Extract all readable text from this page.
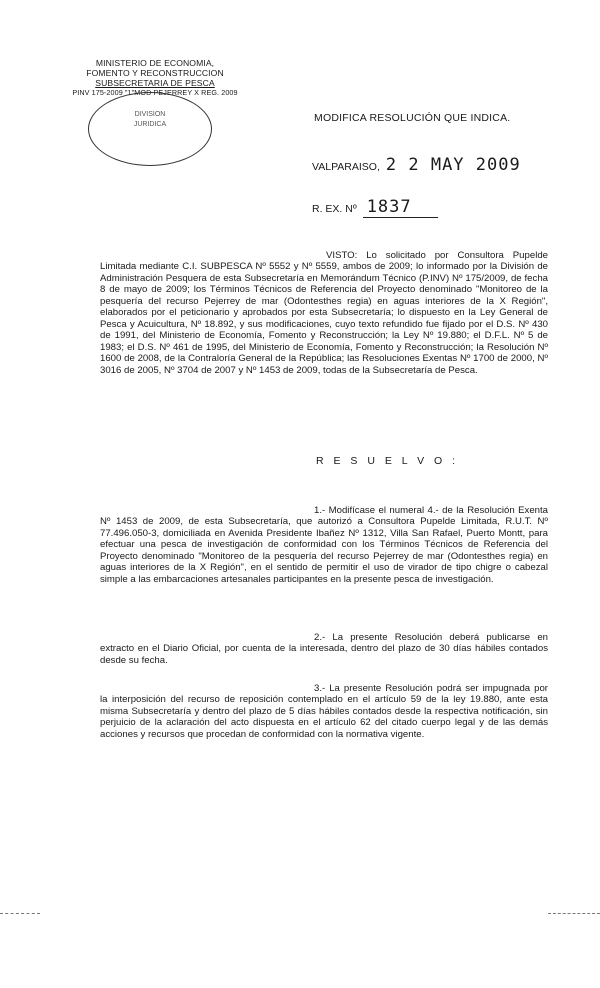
MINISTERIO DE ECONOMIA,
FOMENTO Y RECONSTRUCCION
SUBSECRETARIA DE PESCA
PINV 175-2009 "1"MOD PEJERREY X REG. 2009
DIVISION
JURIDICA
MODIFICA RESOLUCIÓN QUE INDICA.
VALPARAISO, 2 2 MAY 2009
R. EX. Nº 1837
VISTO: Lo solicitado por Consultora Pupelde Limitada mediante C.I. SUBPESCA Nº 5552 y Nº 5559, ambos de 2009; lo informado por la División de Administración Pesquera de esta Subsecretaría en Memorándum Técnico (P.INV) Nº 175/2009, de fecha 8 de mayo de 2009; los Términos Técnicos de Referencia del Proyecto denominado "Monitoreo de la pesquería del recurso Pejerrey de mar (Odontesthes regia) en aguas interiores de la X Región", elaborados por el peticionario y aprobados por esta Subsecretaría; lo dispuesto en la Ley General de Pesca y Acuicultura, Nº 18.892, y sus modificaciones, cuyo texto refundido fue fijado por el D.S. Nº 430 de 1991, del Ministerio de Economía, Fomento y Reconstrucción; la Ley Nº 19.880; el D.F.L. Nº 5 de 1983; el D.S. Nº 461 de 1995, del Ministerio de Economía, Fomento y Reconstrucción; la Resolución Nº 1600 de 2008, de la Contraloría General de la República; las Resoluciones Exentas Nº 1700 de 2000, Nº 3016 de 2005, Nº 3704 de 2007 y Nº 1453 de 2009, todas de la Subsecretaría de Pesca.
R E S U E L V O :
1.- Modifícase el numeral 4.- de la Resolución Exenta Nº 1453 de 2009, de esta Subsecretaría, que autorizó a Consultora Pupelde Limitada, R.U.T. Nº 77.496.050-3, domiciliada en Avenida Presidente Ibañez Nº 1312, Villa San Rafael, Puerto Montt, para efectuar una pesca de investigación de conformidad con los Términos Técnicos de Referencia del Proyecto denominado "Monitoreo de la pesquería del recurso Pejerrey de mar (Odontesthes regia) en aguas interiores de la X Región", en el sentido de permitir el uso de virador de tipo chigre o cabezal simple a las embarcaciones artesanales participantes en la presente pesca de investigación.
2.- La presente Resolución deberá publicarse en extracto en el Diario Oficial, por cuenta de la interesada, dentro del plazo de 30 días hábiles contados desde su fecha.
3.- La presente Resolución podrá ser impugnada por la interposición del recurso de reposición contemplado en el artículo 59 de la ley 19.880, ante esta misma Subsecretaría y dentro del plazo de 5 días hábiles contados desde la respectiva notificación, sin perjuicio de la aclaración del acto dispuesta en el artículo 62 del citado cuerpo legal y de las demás acciones y recursos que procedan de conformidad con la normativa vigente.
